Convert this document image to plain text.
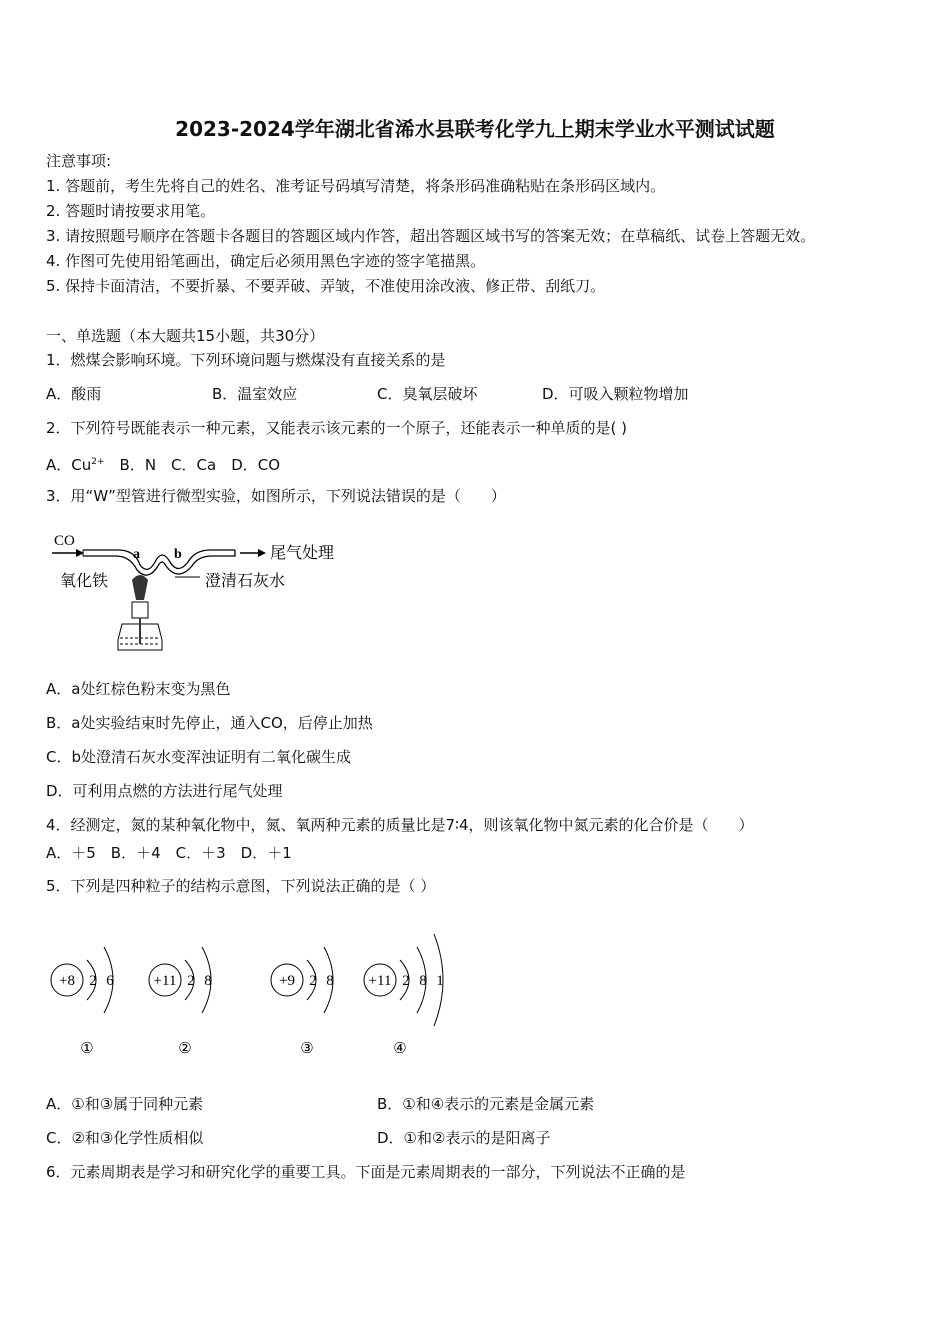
2023-2024学年湖北省浠水县联考化学九上期末学业水平测试试题
注意事项:
1. 答题前，考生先将自己的姓名、准考证号码填写清楚，将条形码准确粘贴在条形码区域内。
2. 答题时请按要求用笔。
3. 请按照题号顺序在答题卡各题目的答题区域内作答，超出答题区域书写的答案无效；在草稿纸、试卷上答题无效。
4. 作图可先使用铅笔画出，确定后必须用黑色字迹的签字笔描黑。
5. 保持卡面清洁，不要折暴、不要弄破、弄皱，不准使用涂改液、修正带、刮纸刀。
一、单选题（本大题共15小题，共30分）
1．燃煤会影响环境。下列环境问题与燃煤没有直接关系的是
A．酸雨	B．温室效应	C．臭氧层破坏	D．可吸入颗粒物增加
2．下列符号既能表示一种元素，又能表示该元素的一个原子，还能表示一种单质的是( )
A．$Cu^{2+}$　 B．N　C．Ca　D．CO
3．用“W”型管进行微型实验，如图所示，下列说法错误的是（　　）
CO
a b	尾气处理
氧化铁	澄清石灰水
A．a处红棕色粉末变为黑色
B．a处实验结束时先停止，通入CO，后停止加热
C．b处澄清石灰水变浑浊证明有二氧化碳生成
D．可利用点燃的方法进行尾气处理
4．经测定，氮的某种氧化物中，氮、氧两种元素的质量比是7∶4，则该氧化物中氮元素的化合价是（　　）
A．＋5　B．＋4　C．＋3　D．＋1
5．下列是四种粒子的结构示意图，下列说法正确的是（ ）
+8 2 6
①
+11 2 8
②
+9 2 8
③
+11 2 8 1
④
A．①和③属于同种元素	B．①和④表示的元素是金属元素
C．②和③化学性质相似	D．①和②表示的是阳离子
6．元素周期表是学习和研究化学的重要工具。下面是元素周期表的一部分，下列说法不正确的是
